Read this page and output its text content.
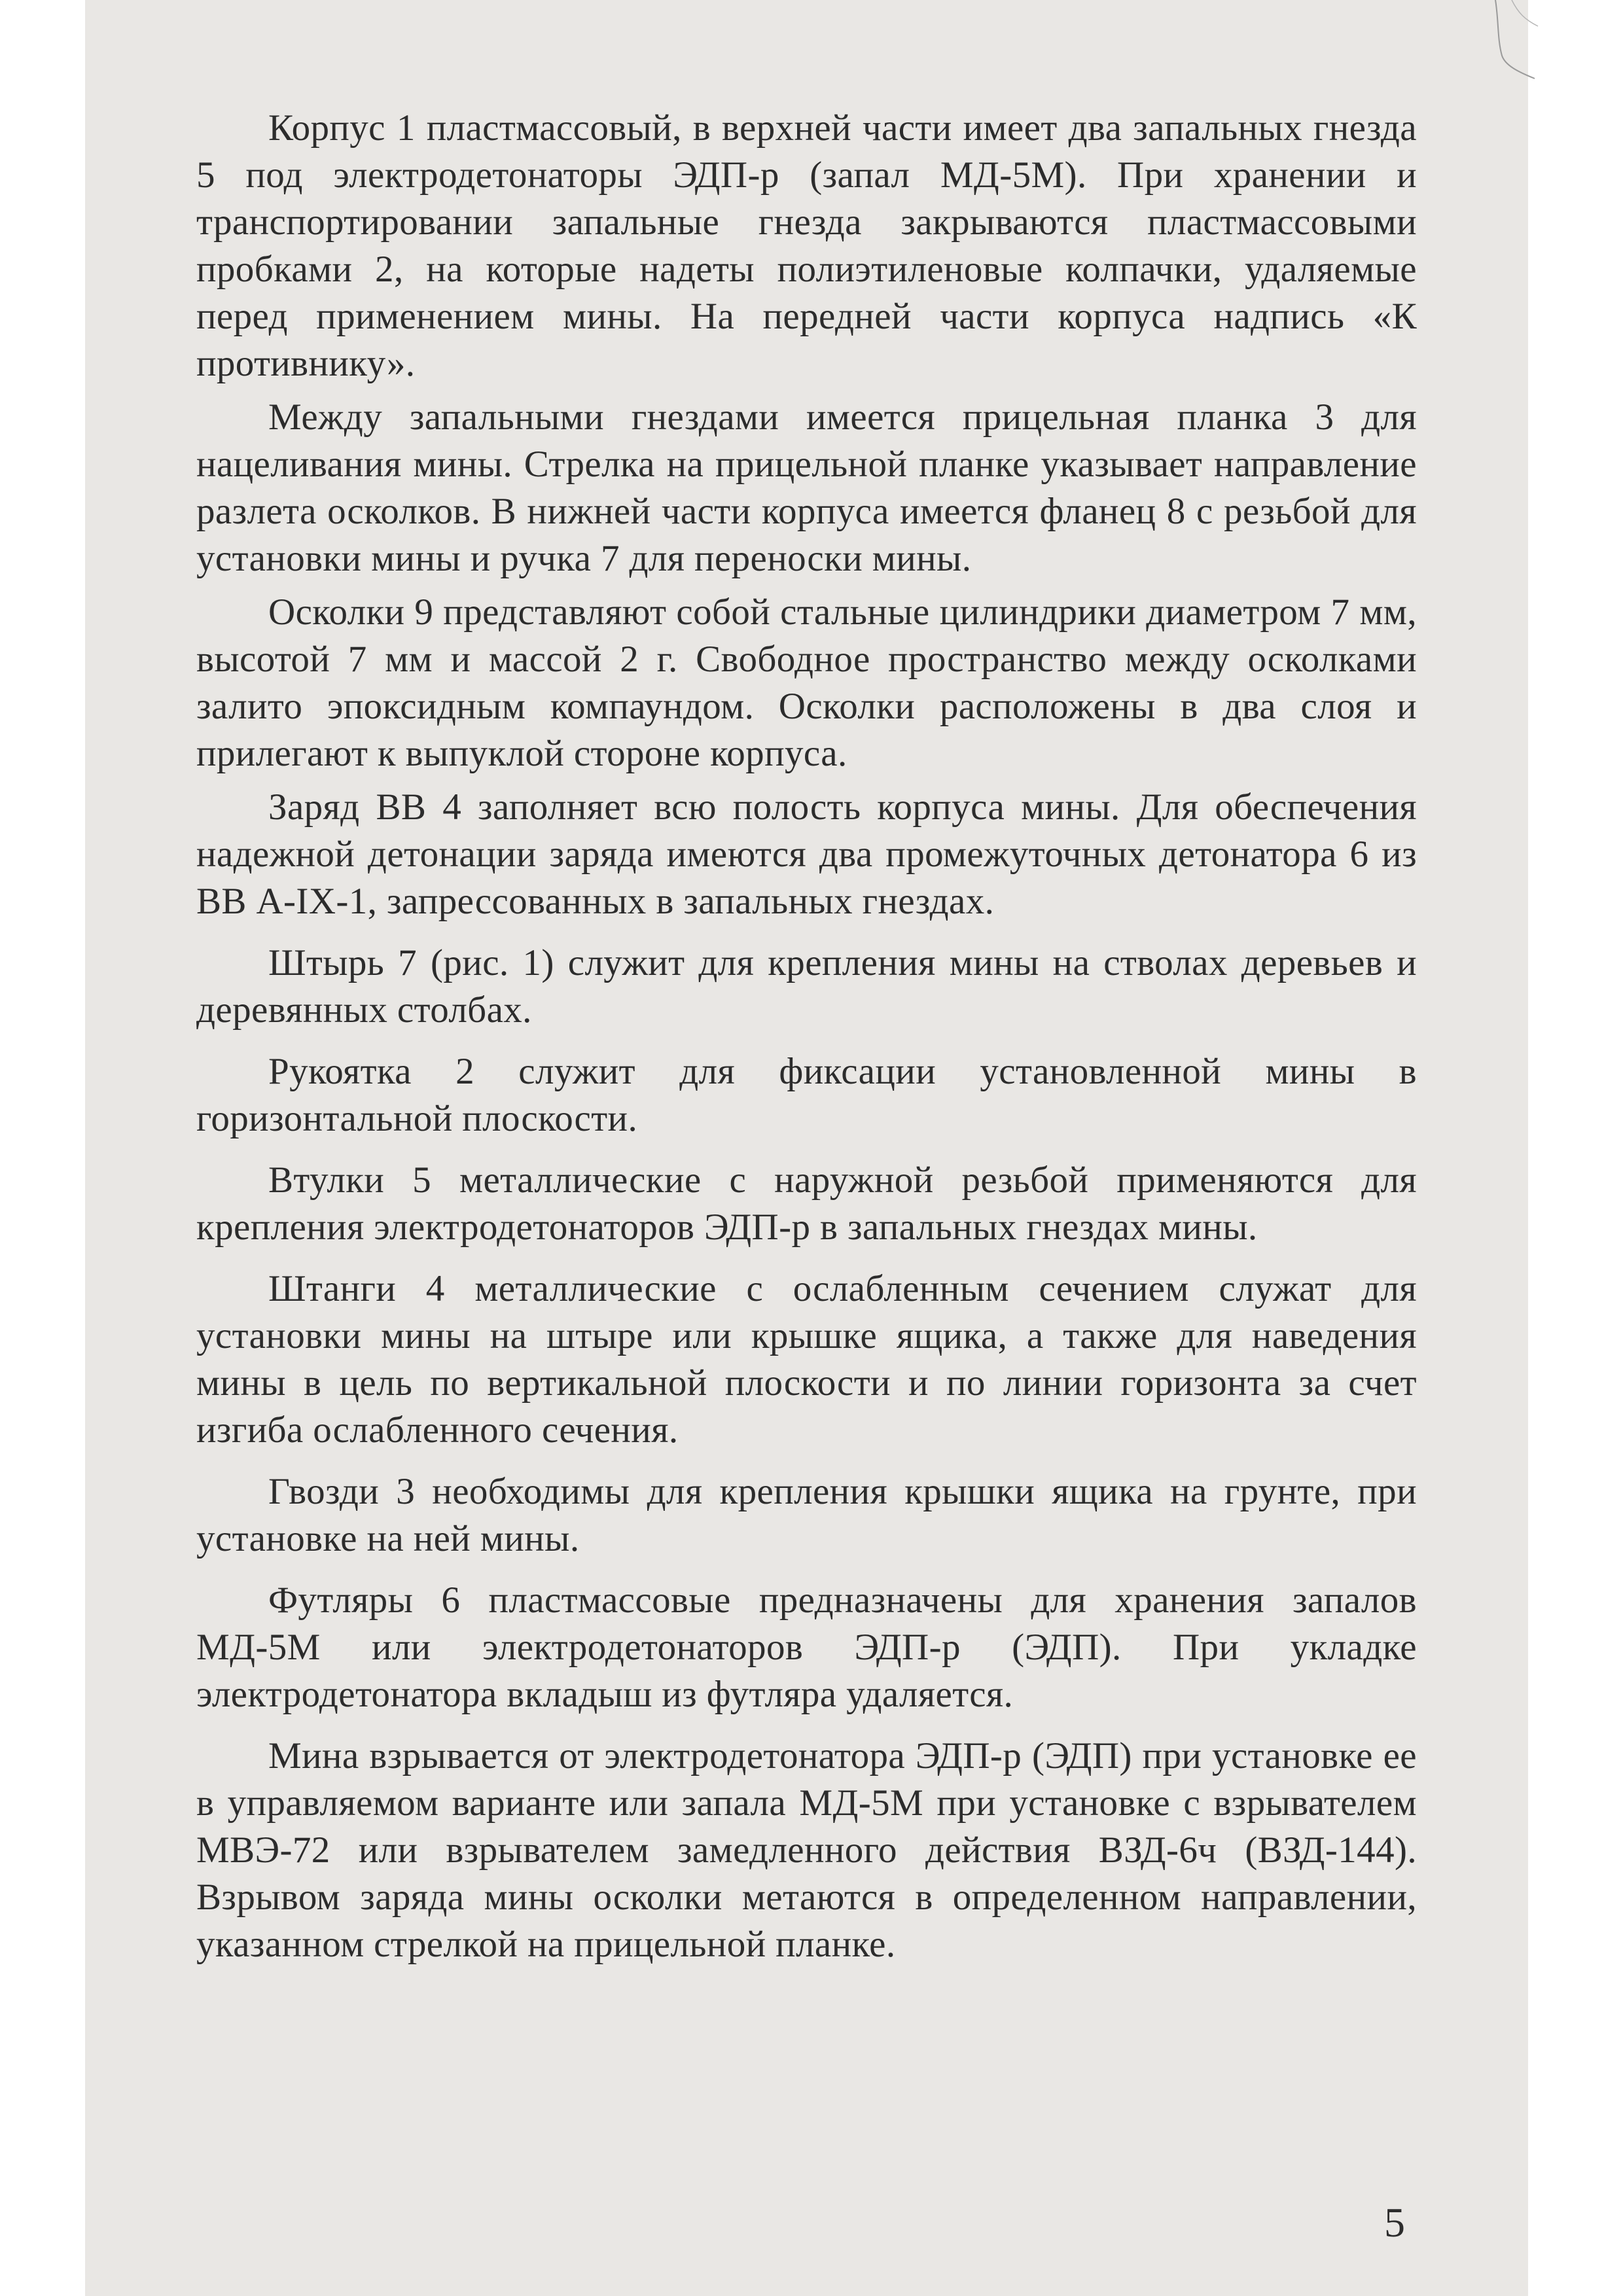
Корпус 1 пластмассовый, в верхней части имеет два запальных гнезда 5 под электродетонаторы ЭДП-р (запал МД-5М). При хранении и транспортировании запальные гнезда закрываются пластмассовыми пробками 2, на которые надеты полиэтиленовые колпачки, удаляемые перед применением мины. На передней части корпуса надпись «К противнику».

Между запальными гнездами имеется прицельная планка 3 для нацеливания мины. Стрелка на прицельной планке указывает направление разлета осколков. В нижней части корпуса имеется фланец 8 с резьбой для установки мины и ручка 7 для переноски мины.

Осколки 9 представляют собой стальные цилиндрики диаметром 7 мм, высотой 7 мм и массой 2 г. Свободное пространство между осколками залито эпоксидным компаундом. Осколки расположены в два слоя и прилегают к выпуклой стороне корпуса.

Заряд ВВ 4 заполняет всю полость корпуса мины. Для обеспечения надежной детонации заряда имеются два промежуточных детонатора 6 из ВВ А-IX-1, запрессованных в запальных гнездах.

Штырь 7 (рис. 1) служит для крепления мины на стволах деревьев и деревянных столбах.

Рукоятка 2 служит для фиксации установленной мины в горизонтальной плоскости.

Втулки 5 металлические с наружной резьбой применяются для крепления электродетонаторов ЭДП-р в запальных гнездах мины.

Штанги 4 металлические с ослабленным сечением служат для установки мины на штыре или крышке ящика, а также для наведения мины в цель по вертикальной плоскости и по линии горизонта за счет изгиба ослабленного сечения.

Гвозди 3 необходимы для крепления крышки ящика на грунте, при установке на ней мины.

Футляры 6 пластмассовые предназначены для хранения запалов МД-5М или электродетонаторов ЭДП-р (ЭДП). При укладке электродетонатора вкладыш из футляра удаляется.

Мина взрывается от электродетонатора ЭДП-р (ЭДП) при установке ее в управляемом варианте или запала МД-5М при установке с взрывателем МВЭ-72 или взрывателем замедленного действия ВЗД-6ч (ВЗД-144). Взрывом заряда мины осколки метаются в определенном направлении, указанном стрелкой на прицельной планке.

5
